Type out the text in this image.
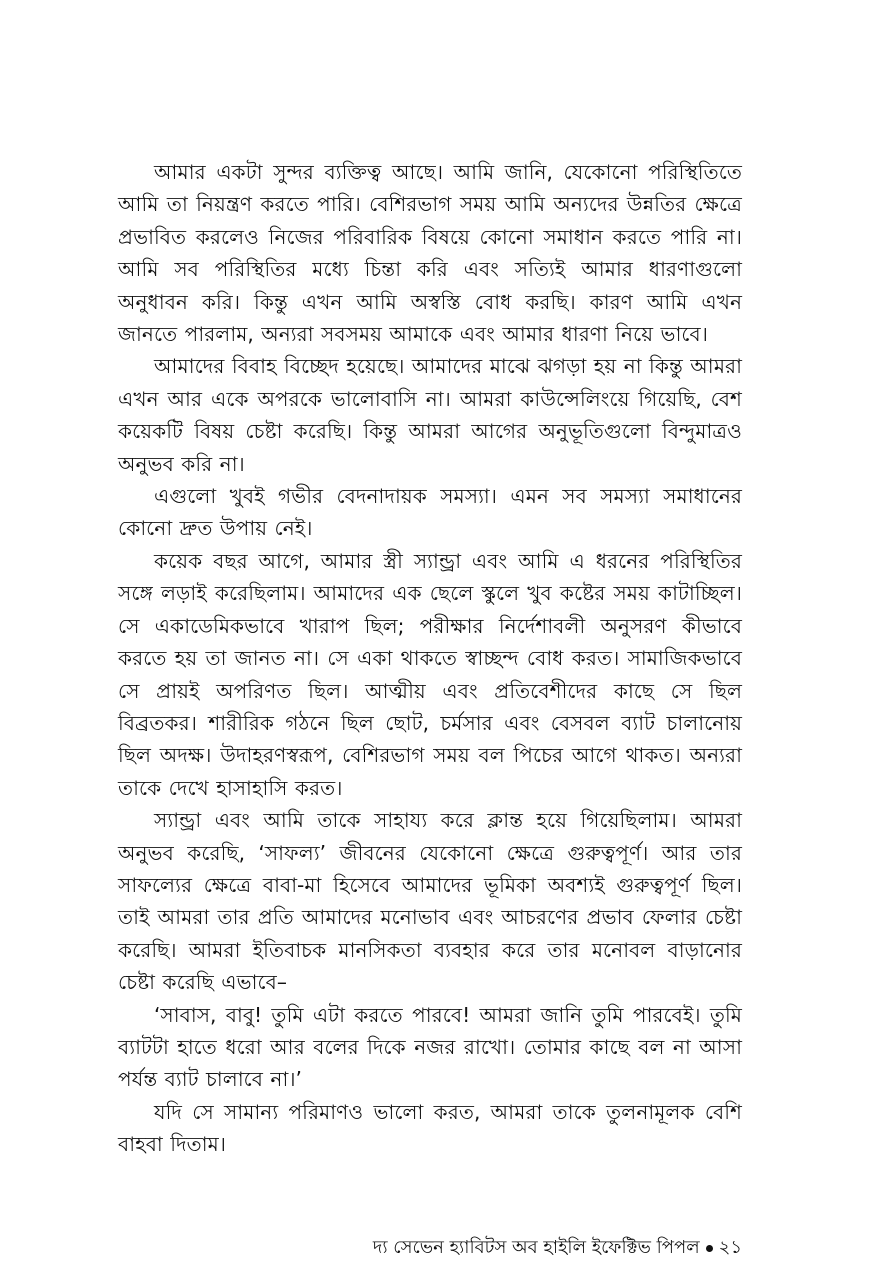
আমার একটা সুন্দর ব্যক্তিত্ব আছে। আমি জানি, যেকোনো পরিস্থিতিতে আমি তা নিয়ন্ত্রণ করতে পারি। বেশিরভাগ সময় আমি অন্যদের উন্নতির ক্ষেত্রে প্রভাবিত করলেও নিজের পরিবারিক বিষয়ে কোনো সমাধান করতে পারি না। আমি সব পরিস্থিতির মধ্যে চিন্তা করি এবং সত্যিই আমার ধারণাগুলো অনুধাবন করি। কিন্তু এখন আমি অস্বস্তি বোধ করছি। কারণ আমি এখন জানতে পারলাম, অন্যরা সবসময় আমাকে এবং আমার ধারণা নিয়ে ভাবে।

আমাদের বিবাহ বিচ্ছেদ হয়েছে। আমাদের মাঝে ঝগড়া হয় না কিন্তু আমরা এখন আর একে অপরকে ভালোবাসি না। আমরা কাউন্সেলিংয়ে গিয়েছি, বেশ কয়েকটি বিষয় চেষ্টা করেছি। কিন্তু আমরা আগের অনুভূতিগুলো বিন্দুমাত্রও অনুভব করি না।

এগুলো খুবই গভীর বেদনাদায়ক সমস্যা। এমন সব সমস্যা সমাধানের কোনো দ্রুত উপায় নেই।

কয়েক বছর আগে, আমার স্ত্রী স্যান্ড্রা এবং আমি এ ধরনের পরিস্থিতির সঙ্গে লড়াই করেছিলাম। আমাদের এক ছেলে স্কুলে খুব কষ্টের সময় কাটাচ্ছিল। সে একাডেমিকভাবে খারাপ ছিল; পরীক্ষার নির্দেশাবলী অনুসরণ কীভাবে করতে হয় তা জানত না। সে একা থাকতে স্বাচ্ছন্দ বোধ করত। সামাজিকভাবে সে প্রায়ই অপরিণত ছিল। আত্মীয় এবং প্রতিবেশীদের কাছে সে ছিল বিব্রতকর। শারীরিক গঠনে ছিল ছোট, চর্মসার এবং বেসবল ব্যাট চালানোয় ছিল অদক্ষ। উদাহরণস্বরূপ, বেশিরভাগ সময় বল পিচের আগে থাকত। অন্যরা তাকে দেখে হাসাহাসি করত।

স্যান্ড্রা এবং আমি তাকে সাহায্য করে ক্লান্ত হয়ে গিয়েছিলাম। আমরা অনুভব করেছি, ‘সাফল্য’ জীবনের যেকোনো ক্ষেত্রে গুরুত্বপূর্ণ। আর তার সাফল্যের ক্ষেত্রে বাবা-মা হিসেবে আমাদের ভূমিকা অবশ্যই গুরুত্বপূর্ণ ছিল। তাই আমরা তার প্রতি আমাদের মনোভাব এবং আচরণের প্রভাব ফেলার চেষ্টা করেছি। আমরা ইতিবাচক মানসিকতা ব্যবহার করে তার মনোবল বাড়ানোর চেষ্টা করেছি এভাবে–

‘সাবাস, বাবু! তুমি এটা করতে পারবে! আমরা জানি তুমি পারবেই। তুমি ব্যাটটা হাতে ধরো আর বলের দিকে নজর রাখো। তোমার কাছে বল না আসা পর্যন্ত ব্যাট চালাবে না।’

যদি সে সামান্য পরিমাণও ভালো করত, আমরা তাকে তুলনামূলক বেশি বাহবা দিতাম।

দ্য সেভেন হ্যাবিটস অব হাইলি ইফেক্টিভ পিপল ২১
